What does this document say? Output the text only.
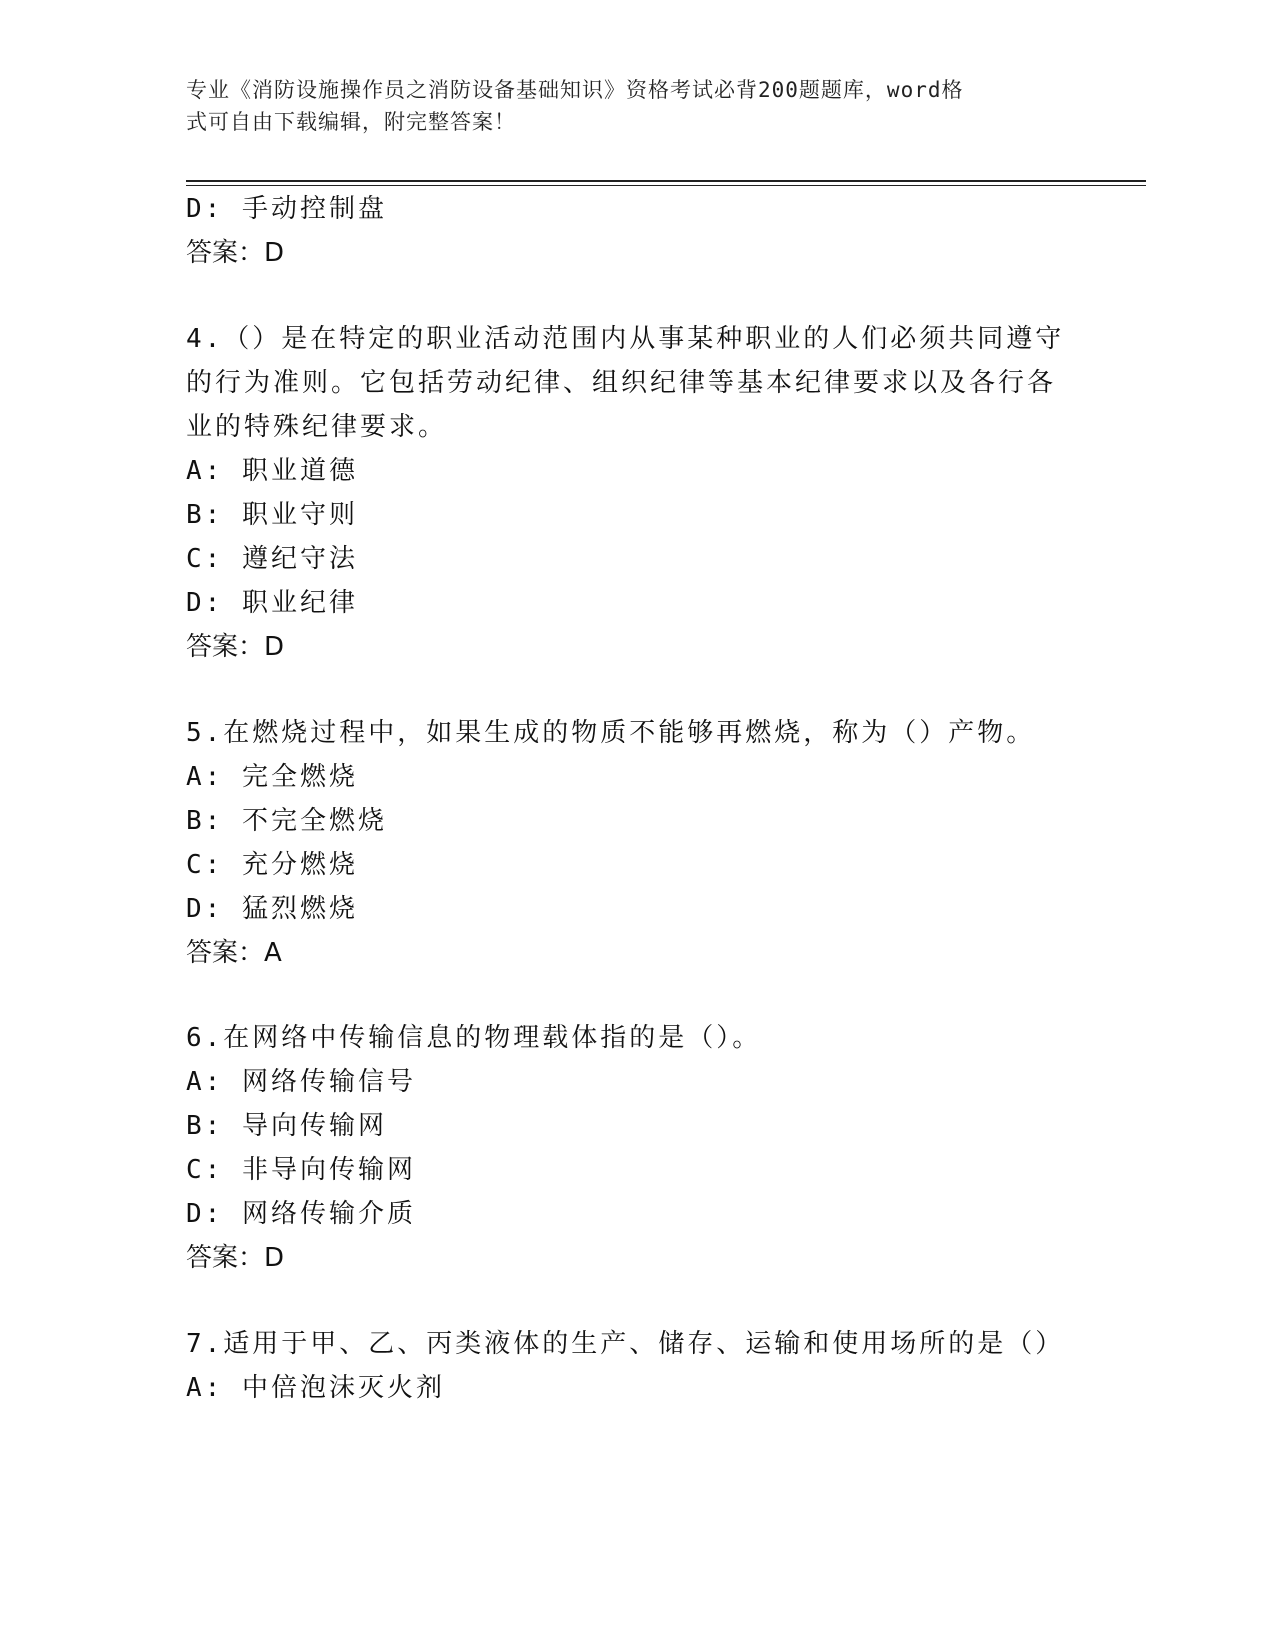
专业《消防设施操作员之消防设备基础知识》资格考试必背200题题库，word格
式可自由下载编辑，附完整答案！
D: 手动控制盘
答案：D
4.（）是在特定的职业活动范围内从事某种职业的人们必须共同遵守
的行为准则。它包括劳动纪律、组织纪律等基本纪律要求以及各行各
业的特殊纪律要求。
A: 职业道德
B: 职业守则
C: 遵纪守法
D: 职业纪律
答案：D
5.在燃烧过程中，如果生成的物质不能够再燃烧，称为（）产物。
A: 完全燃烧
B: 不完全燃烧
C: 充分燃烧
D: 猛烈燃烧
答案：A
6.在网络中传输信息的物理载体指的是（）。
A: 网络传输信号
B: 导向传输网
C: 非导向传输网
D: 网络传输介质
答案：D
7.适用于甲、乙、丙类液体的生产、储存、运输和使用场所的是（）
A: 中倍泡沫灭火剂
